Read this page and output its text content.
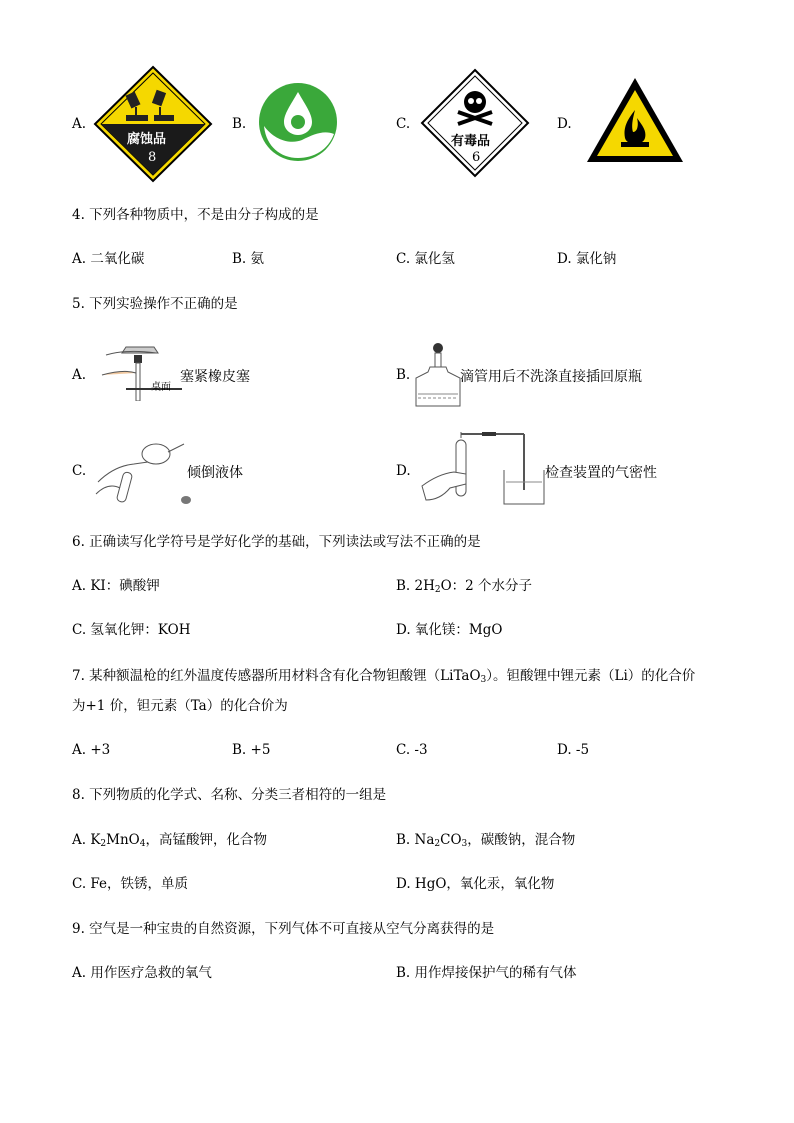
A.
腐蚀品
8
B.	C.
有毒品
6
D.
4. 下列各种物质中，不是由分子构成的是
A. 二氧化碳	B. 氨	C. 氯化氢	D. 氯化钠
5. 下列实验操作不正确的是
A.
桌面
塞紧橡皮塞	B.	滴管用后不洗涤直接插回原瓶
C.	倾倒液体	D.	检查装置的气密性
6. 正确读写化学符号是学好化学的基础，下列读法或写法不正确的是
A. KI：碘酸钾	B. $2H_2O$：2 个水分子
C. 氢氧化钾：KOH	D. 氧化镁：MgO
7. 某种额温枪的红外温度传感器所用材料含有化合物钽酸锂（LiTaO$_3$）。钽酸锂中锂元素（Li）的化合价
为+1 价，钽元素（Ta）的化合价为
A. +3	B. +5	C. -3	D. -5
8. 下列物质的化学式、名称、分类三者相符的一组是
A. $K_2MnO_4$，高锰酸钾，化合物	B. $Na_2CO_3$，碳酸钠，混合物
C. Fe，铁锈，单质	D. HgO，氧化汞，氧化物
9. 空气是一种宝贵的自然资源，下列气体不可直接从空气分离获得的是
A. 用作医疗急救的氧气	B. 用作焊接保护气的稀有气体
